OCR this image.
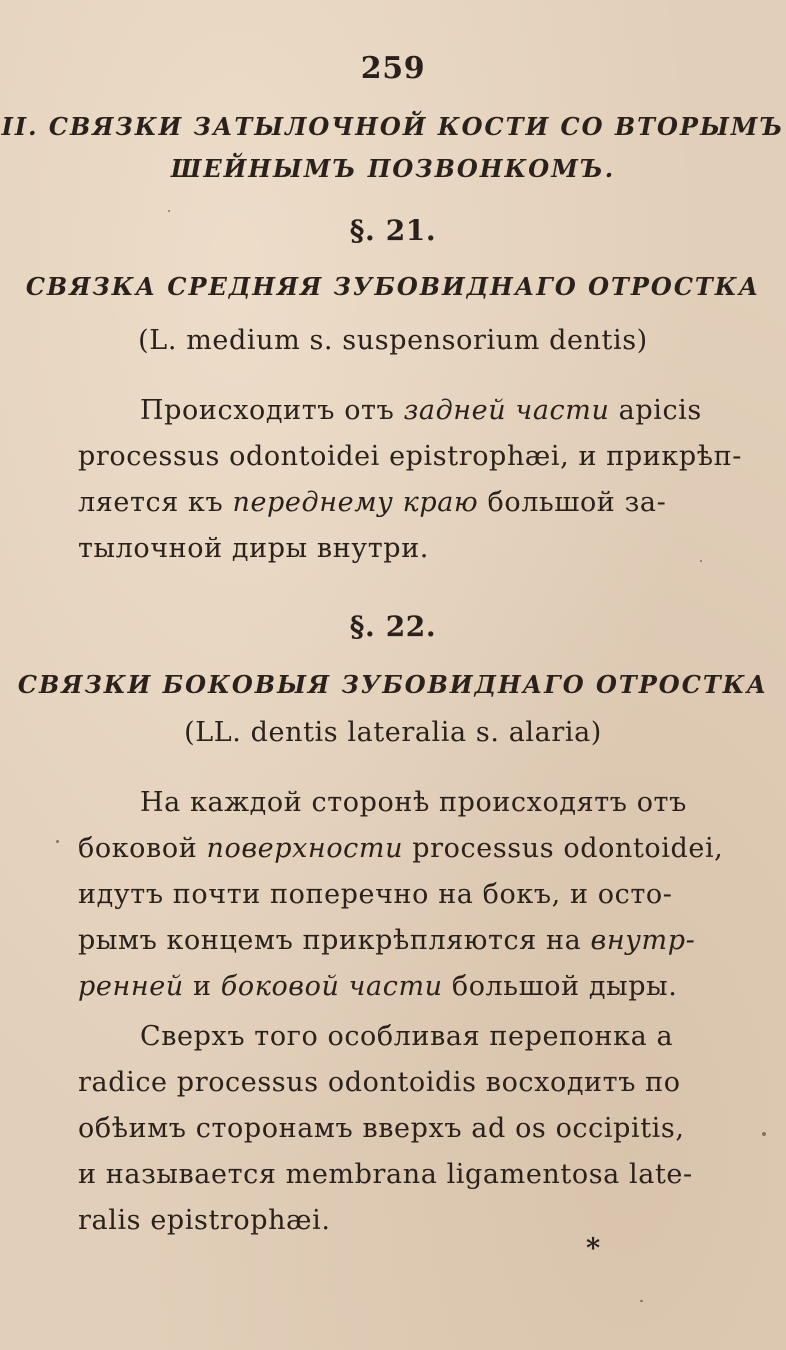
259
II. СВЯЗКИ ЗАТЫЛОЧНОЙ КОСТИ СО ВТОРЫМЪ
ШЕЙНЫМЪ ПОЗВОНКОМЪ.
§. 21.
СВЯЗКА СРЕДНЯЯ ЗУБОВИДНАГО ОТРОСТКА
(L. medium s. suspensorium dentis)
Происходитъ отъ задней части apicis
processus odontoidei epistrophæi, и прикрѣп-
ляется къ переднему краю большой за-
тылочной диры внутри.
§. 22.
СВЯЗКИ БОКОВЫЯ ЗУБОВИДНАГО ОТРОСТКА
(LL. dentis lateralia s. alaria)
На каждой сторонѣ происходятъ отъ
боковой поверхности processus odontoidei,
идутъ почти поперечно на бокъ, и осто-
рымъ концемъ прикрѣпляются на внутр-
ренней и боковой части большой дыры.
Сверхъ того особливая перепонка a
radice processus odontoidis восходитъ по
обѣимъ сторонамъ вверхъ ad os occipitis,
и называется membrana ligamentosa late-
ralis epistrophæi.
*
